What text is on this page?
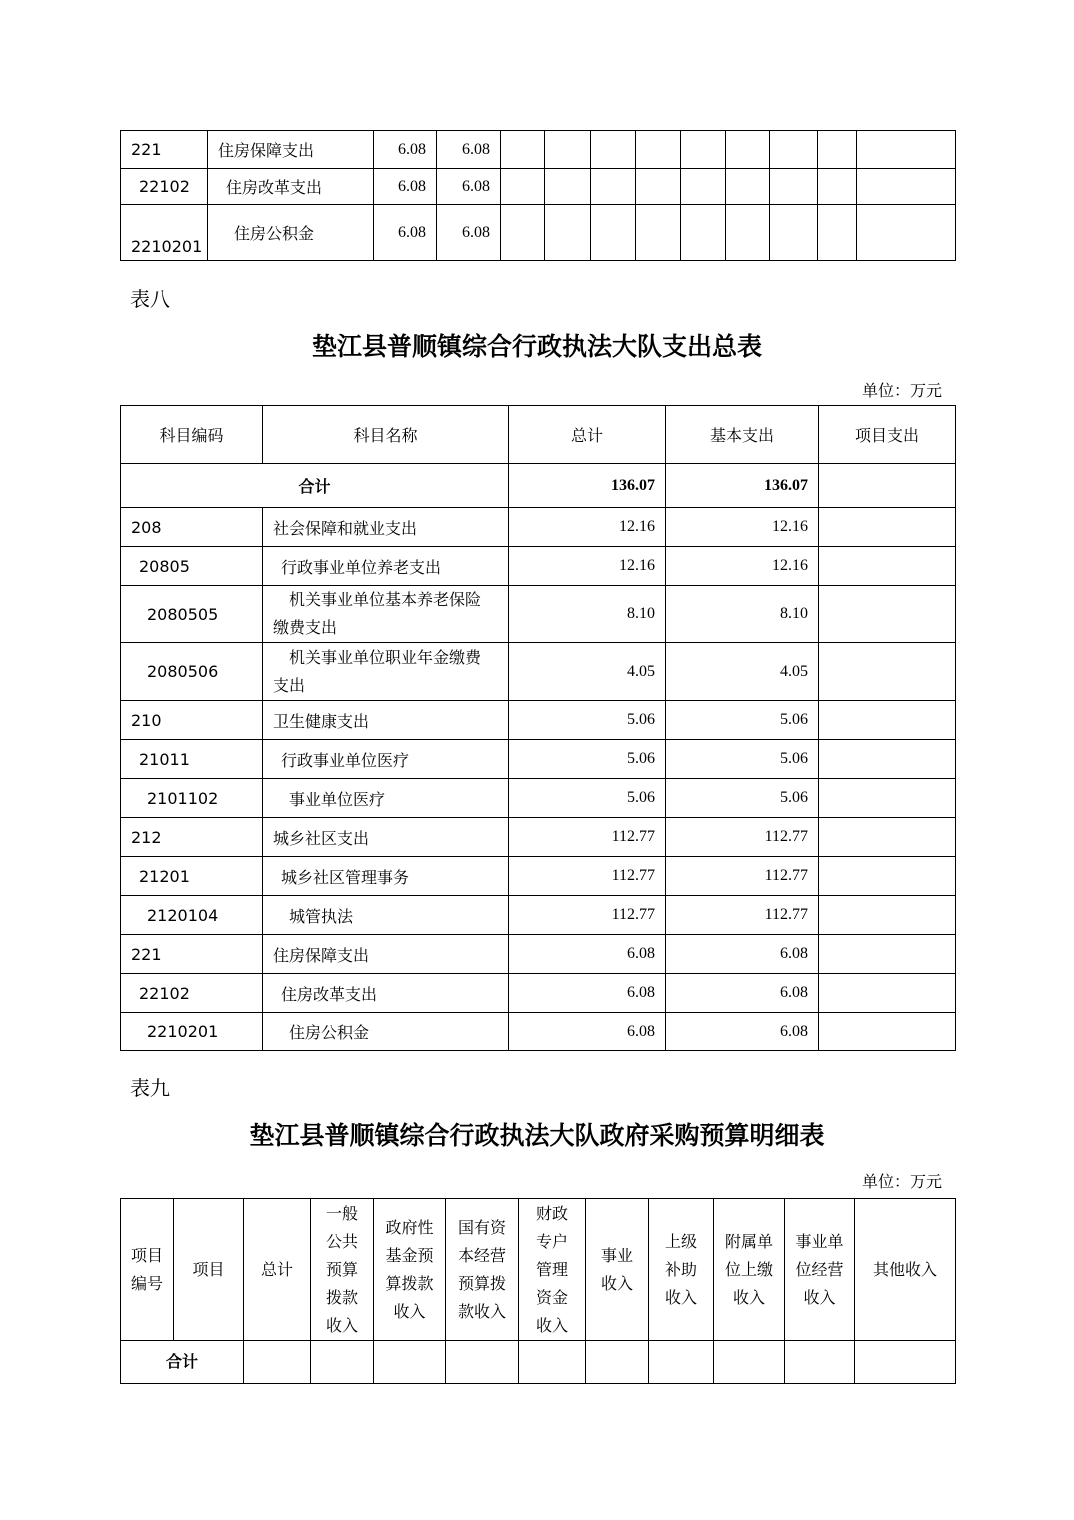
221	住房保障支出	6.08	6.08									
22102	住房改革支出	6.08	6.08									
2210201	住房公积金	6.08	6.08									
表八
垫江县普顺镇综合行政执法大队支出总表
单位：万元
科目编码	科目名称	总计	基本支出	项目支出
合计		136.07	136.07	
208	社会保障和就业支出	12.16	12.16	
20805	行政事业单位养老支出	12.16	12.16	
2080505	机关事业单位基本养老保险缴费支出	8.10	8.10	
2080506	机关事业单位职业年金缴费支出	4.05	4.05	
210	卫生健康支出	5.06	5.06	
21011	行政事业单位医疗	5.06	5.06	
2101102	事业单位医疗	5.06	5.06	
212	城乡社区支出	112.77	112.77	
21201	城乡社区管理事务	112.77	112.77	
2120104	城管执法	112.77	112.77	
221	住房保障支出	6.08	6.08	
22102	住房改革支出	6.08	6.08	
2210201	住房公积金	6.08	6.08	
表九
垫江县普顺镇综合行政执法大队政府采购预算明细表
单位：万元
项目编号	项目	总计	一般公共预算拨款收入	政府性基金预算拨款收入	国有资本经营预算拨款收入	财政专户管理资金收入	事业收入	上级补助收入	附属单位上缴收入	事业单位经营收入	其他收入
合计											
